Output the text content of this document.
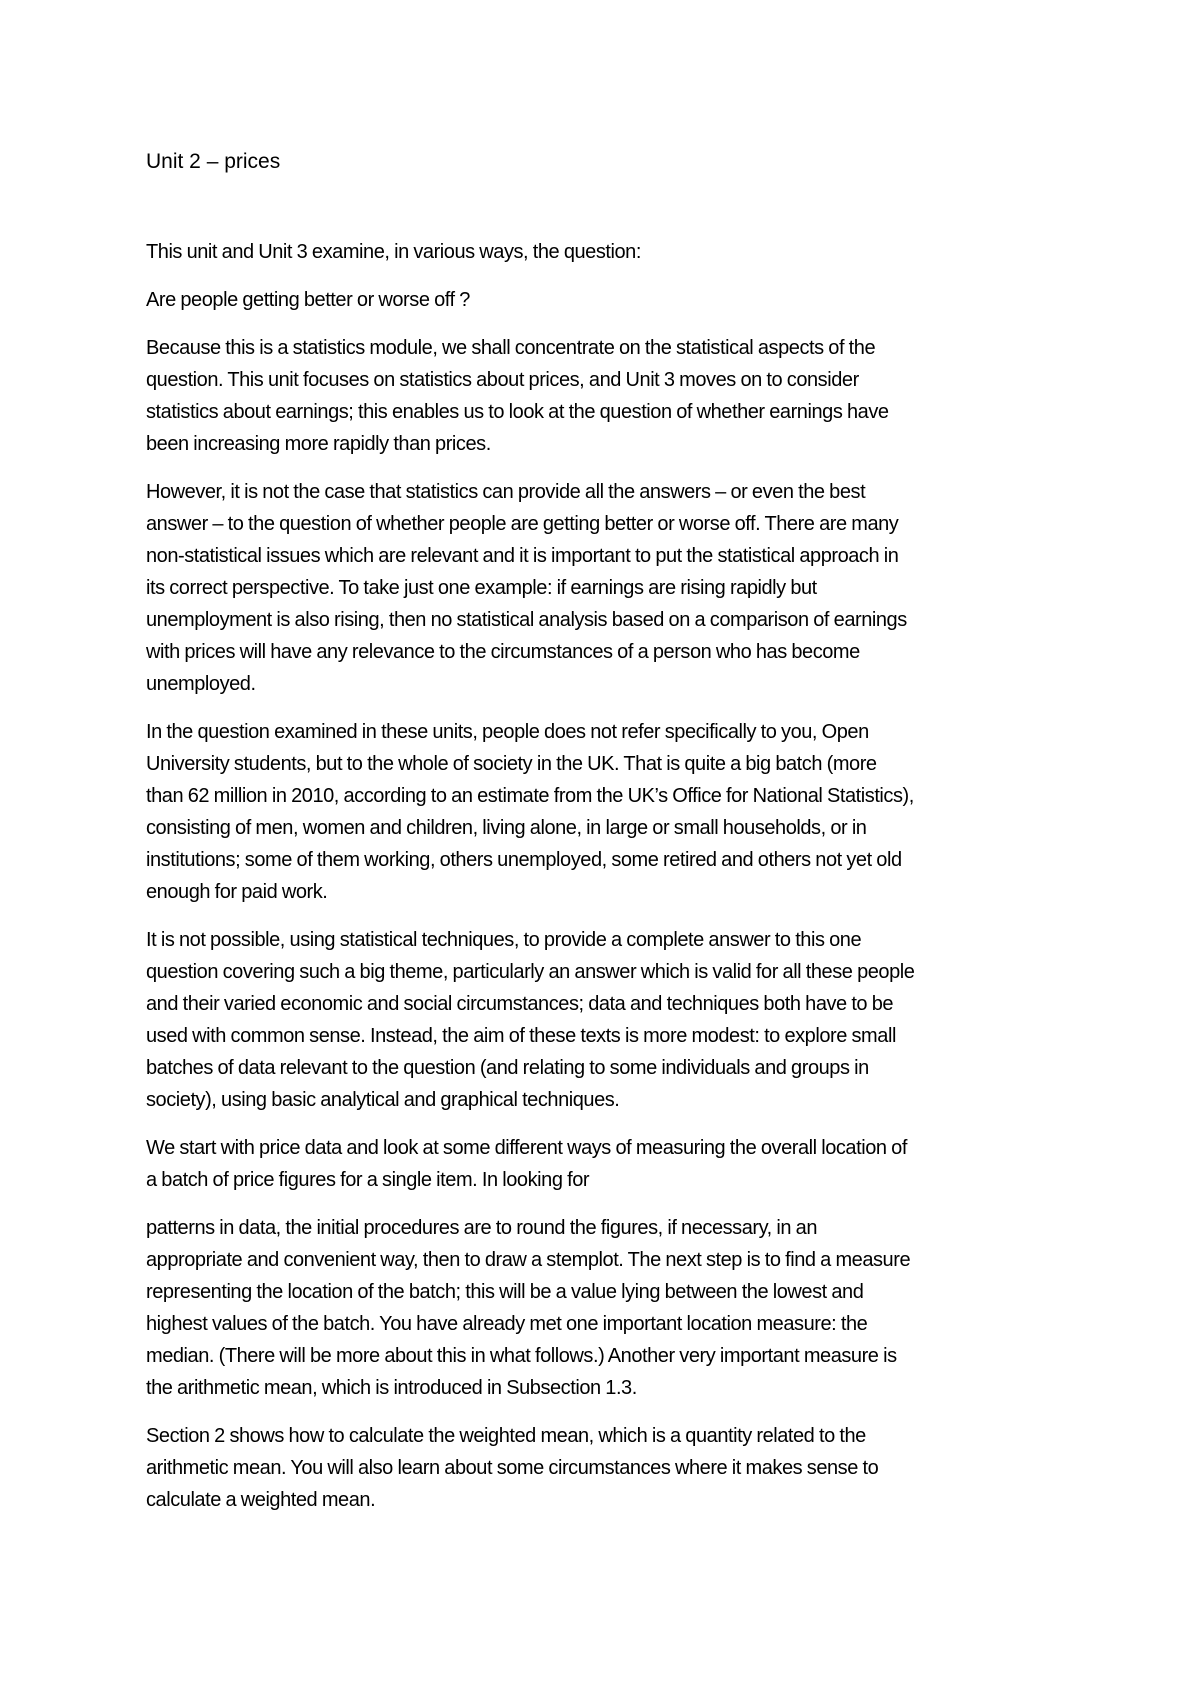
Unit 2 – prices

This unit and Unit 3 examine, in various ways, the question:

Are people getting better or worse off ?

Because this is a statistics module, we shall concentrate on the statistical aspects of the
question. This unit focuses on statistics about prices, and Unit 3 moves on to consider
statistics about earnings; this enables us to look at the question of whether earnings have
been increasing more rapidly than prices.

However, it is not the case that statistics can provide all the answers – or even the best
answer – to the question of whether people are getting better or worse off. There are many
non-statistical issues which are relevant and it is important to put the statistical approach in
its correct perspective. To take just one example: if earnings are rising rapidly but
unemployment is also rising, then no statistical analysis based on a comparison of earnings
with prices will have any relevance to the circumstances of a person who has become
unemployed.

In the question examined in these units, people does not refer specifically to you, Open
University students, but to the whole of society in the UK. That is quite a big batch (more
than 62 million in 2010, according to an estimate from the UK’s Office for National Statistics),
consisting of men, women and children, living alone, in large or small households, or in
institutions; some of them working, others unemployed, some retired and others not yet old
enough for paid work.

It is not possible, using statistical techniques, to provide a complete answer to this one
question covering such a big theme, particularly an answer which is valid for all these people
and their varied economic and social circumstances; data and techniques both have to be
used with common sense. Instead, the aim of these texts is more modest: to explore small
batches of data relevant to the question (and relating to some individuals and groups in
society), using basic analytical and graphical techniques.

We start with price data and look at some different ways of measuring the overall location of
a batch of price figures for a single item. In looking for

patterns in data, the initial procedures are to round the figures, if necessary, in an
appropriate and convenient way, then to draw a stemplot. The next step is to find a measure
representing the location of the batch; this will be a value lying between the lowest and
highest values of the batch. You have already met one important location measure: the
median. (There will be more about this in what follows.) Another very important measure is
the arithmetic mean, which is introduced in Subsection 1.3.

Section 2 shows how to calculate the weighted mean, which is a quantity related to the
arithmetic mean. You will also learn about some circumstances where it makes sense to
calculate a weighted mean.
